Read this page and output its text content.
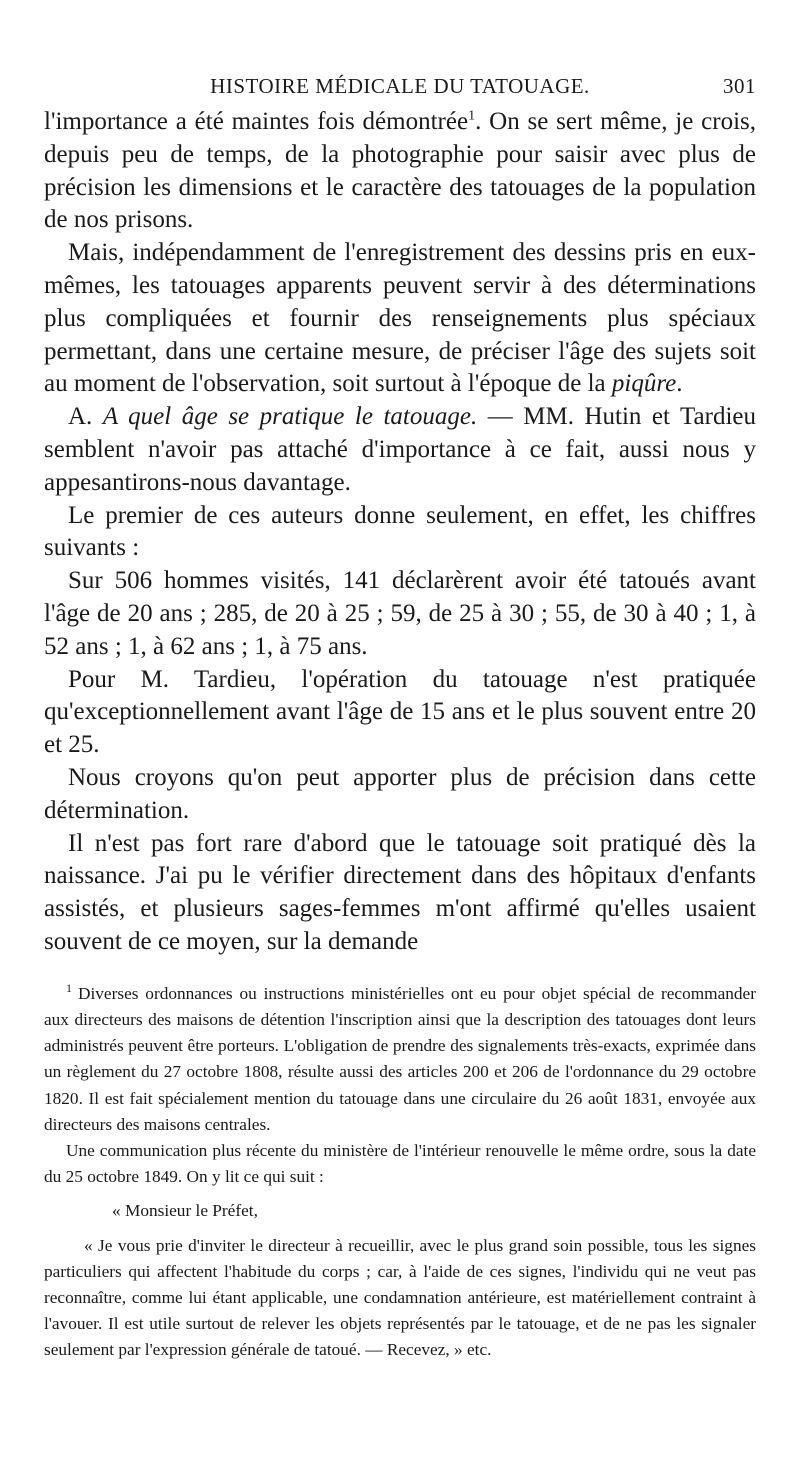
HISTOIRE MÉDICALE DU TATOUAGE.	301

l'importance a été maintes fois démontrée$^1$. On se sert même, je crois, depuis peu de temps, de la photographie pour saisir avec plus de précision les dimensions et le caractère des tatouages de la population de nos prisons.

Mais, indépendamment de l'enregistrement des dessins pris en eux-mêmes, les tatouages apparents peuvent servir à des déterminations plus compliquées et fournir des renseignements plus spéciaux permettant, dans une certaine mesure, de préciser l'âge des sujets soit au moment de l'observation, soit surtout à l'époque de la piqûre.

A. A quel âge se pratique le tatouage. — MM. Hutin et Tardieu semblent n'avoir pas attaché d'importance à ce fait, aussi nous y appesantirons-nous davantage.

Le premier de ces auteurs donne seulement, en effet, les chiffres suivants :

Sur 506 hommes visités, 141 déclarèrent avoir été tatoués avant l'âge de 20 ans ; 285, de 20 à 25 ; 59, de 25 à 30 ; 55, de 30 à 40 ; 1, à 52 ans ; 1, à 62 ans ; 1, à 75 ans.

Pour M. Tardieu, l'opération du tatouage n'est pratiquée qu'exceptionnellement avant l'âge de 15 ans et le plus souvent entre 20 et 25.

Nous croyons qu'on peut apporter plus de précision dans cette détermination.

Il n'est pas fort rare d'abord que le tatouage soit pratiqué dès la naissance. J'ai pu le vérifier directement dans des hôpitaux d'enfants assistés, et plusieurs sages-femmes m'ont affirmé qu'elles usaient souvent de ce moyen, sur la demande

$^1$ Diverses ordonnances ou instructions ministérielles ont eu pour objet spécial de recommander aux directeurs des maisons de détention l'inscription ainsi que la description des tatouages dont leurs administrés peuvent être porteurs. L'obligation de prendre des signalements très-exacts, exprimée dans un règlement du 27 octobre 1808, résulte aussi des articles 200 et 206 de l'ordonnance du 29 octobre 1820. Il est fait spécialement mention du tatouage dans une circulaire du 26 août 1831, envoyée aux directeurs des maisons centrales.

Une communication plus récente du ministère de l'intérieur renouvelle le même ordre, sous la date du 25 octobre 1849. On y lit ce qui suit :

« Monsieur le Préfet,

« Je vous prie d'inviter le directeur à recueillir, avec le plus grand soin possible, tous les signes particuliers qui affectent l'habitude du corps ; car, à l'aide de ces signes, l'individu qui ne veut pas reconnaître, comme lui étant applicable, une condamnation antérieure, est matériellement contraint à l'avouer. Il est utile surtout de relever les objets représentés par le tatouage, et de ne pas les signaler seulement par l'expression générale de tatoué. — Recevez, » etc.
